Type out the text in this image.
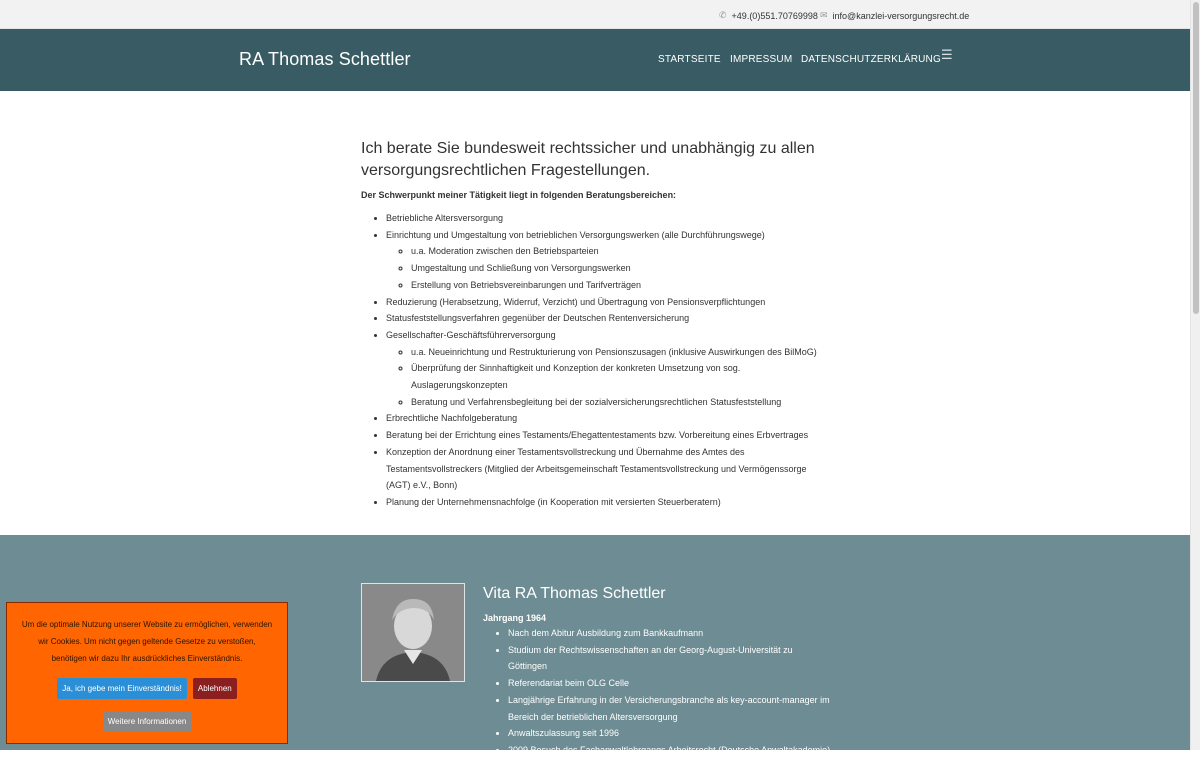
✆ +49.(0)551.70769998 ✉ info@kanzlei-versorgungsrecht.de
RA Thomas Schettler	STARTSEITE IMPRESSUM DATENSCHUTZERKLÄRUNG ☰
Ich berate Sie bundesweit rechtssicher und unabhängig zu allen versorgungsrechtlichen Fragestellungen.

Der Schwerpunkt meiner Tätigkeit liegt in folgenden Beratungsbereichen:

• Betriebliche Altersversorgung
• Einrichtung und Umgestaltung von betrieblichen Versorgungswerken (alle Durchführungswege)
◦ u.a. Moderation zwischen den Betriebsparteien
◦ Umgestaltung und Schließung von Versorgungswerken
◦ Erstellung von Betriebsvereinbarungen und Tarifverträgen
• Reduzierung (Herabsetzung, Widerruf, Verzicht) und Übertragung von Pensionsverpflichtungen
• Statusfeststellungsverfahren gegenüber der Deutschen Rentenversicherung
• Gesellschafter-Geschäftsführerversorgung
◦ u.a. Neueinrichtung und Restrukturierung von Pensionszusagen (inklusive Auswirkungen des BilMoG)
◦ Überprüfung der Sinnhaftigkeit und Konzeption der konkreten Umsetzung von sog. Auslagerungskonzepten
◦ Beratung und Verfahrensbegleitung bei der sozialversicherungsrechtlichen Statusfeststellung
• Erbrechtliche Nachfolgeberatung
• Beratung bei der Errichtung eines Testaments/Ehegattentestaments bzw. Vorbereitung eines Erbvertrages
• Konzeption der Anordnung einer Testamentsvollstreckung und Übernahme des Amtes des Testamentsvollstreckers (Mitglied der Arbeitsgemeinschaft Testamentsvollstreckung und Vermögenssorge (AGT) e.V., Bonn)
• Planung der Unternehmensnachfolge (in Kooperation mit versierten Steuerberatern)
Vita RA Thomas Schettler

Jahrgang 1964

• Nach dem Abitur Ausbildung zum Bankkaufmann
• Studium der Rechtswissenschaften an der Georg-August-Universität zu Göttingen
• Referendariat beim OLG Celle
• Langjährige Erfahrung in der Versicherungsbranche als key-account-manager im Bereich der betrieblichen Altersversorgung
• Anwaltszulassung seit 1996
• 2009 Besuch des Fachanwaltlehrgangs Arbeitsrecht (Deutsche Anwaltakademie)
• 2010 Besuch des Fachanwaltlehrgangs Erbrecht (Deutsche Anwaltakademie)

Um die optimale Nutzung unserer Website zu ermöglichen, verwenden wir Cookies. Um nicht gegen geltende Gesetze zu verstoßen, benötigen wir dazu Ihr ausdrückliches Einverständnis.

Ja, ich gebe mein Einverständnis! Ablehnen
Weitere Informationen
